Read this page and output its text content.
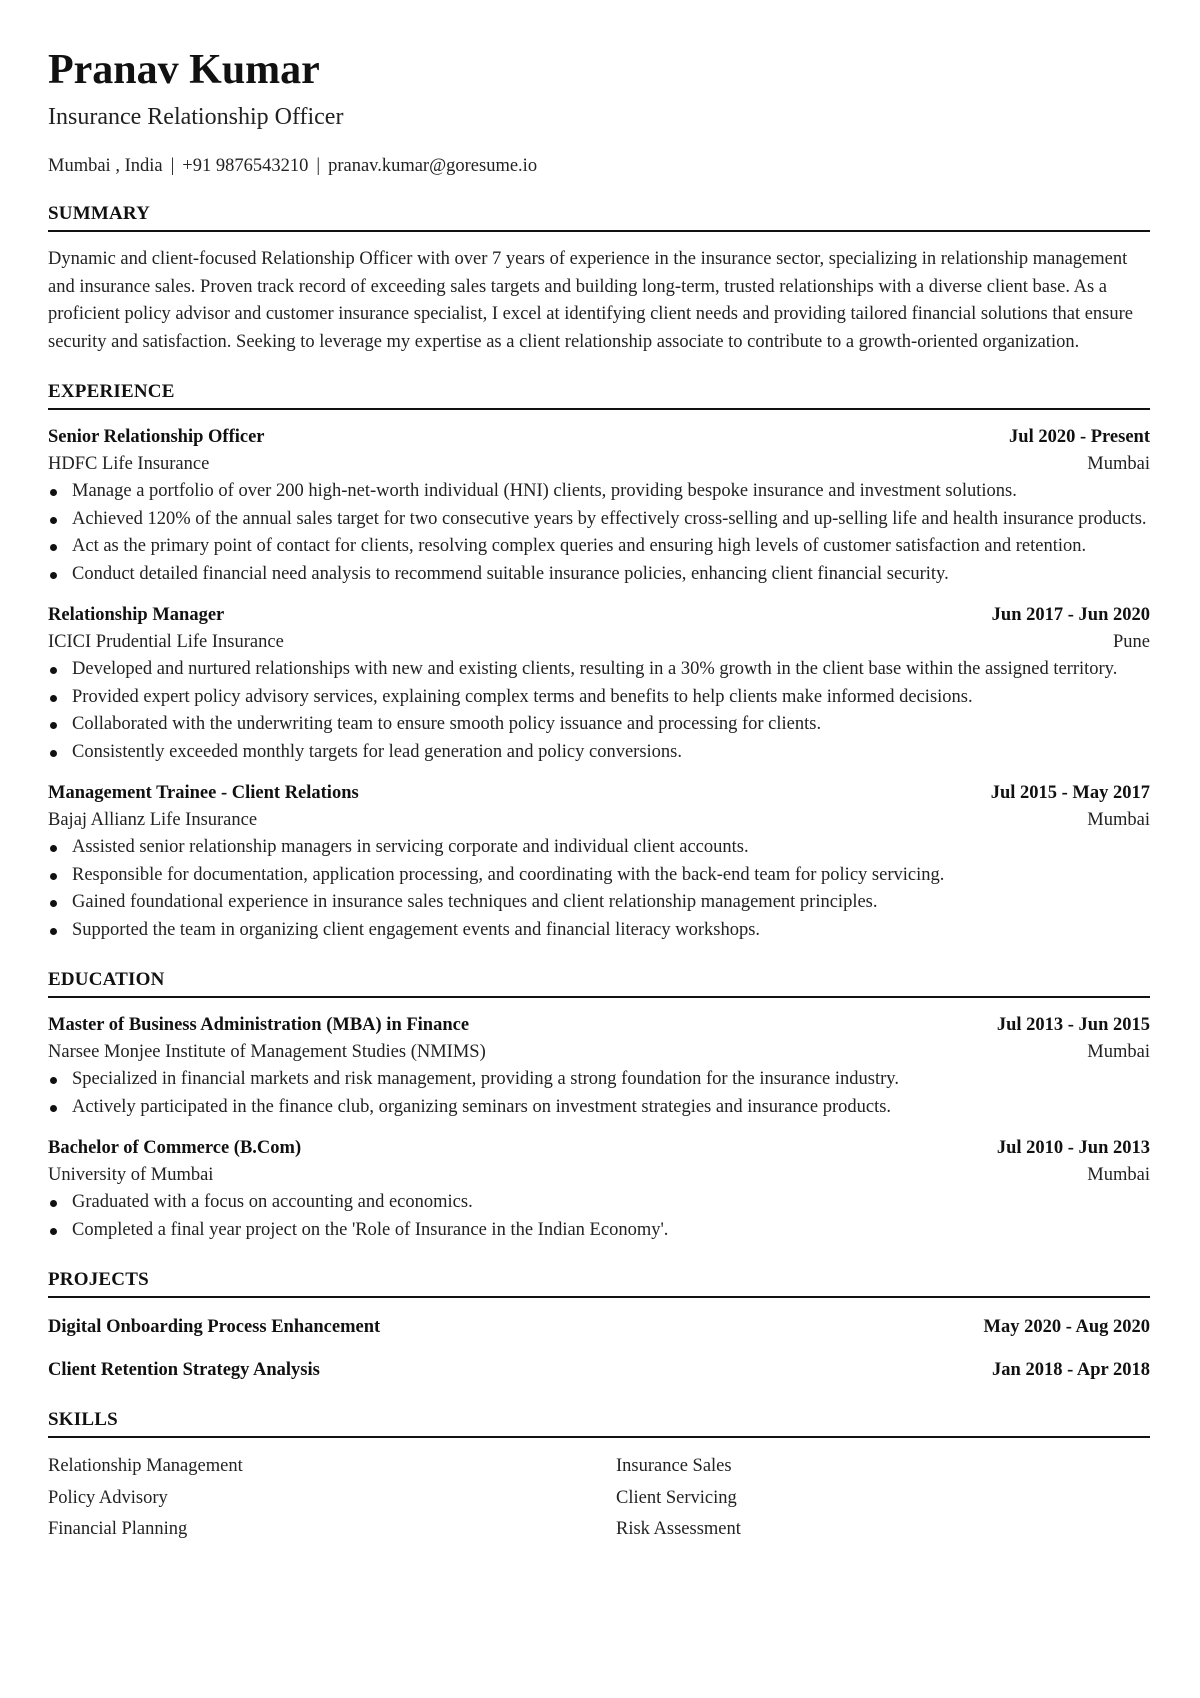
Pranav Kumar
Insurance Relationship Officer
Mumbai , India | +91 9876543210 | pranav.kumar@goresume.io
SUMMARY
Dynamic and client-focused Relationship Officer with over 7 years of experience in the insurance sector, specializing in relationship management and insurance sales. Proven track record of exceeding sales targets and building long-term, trusted relationships with a diverse client base. As a proficient policy advisor and customer insurance specialist, I excel at identifying client needs and providing tailored financial solutions that ensure security and satisfaction. Seeking to leverage my expertise as a client relationship associate to contribute to a growth-oriented organization.
EXPERIENCE
Senior Relationship Officer	Jul 2020 - Present
HDFC Life Insurance	Mumbai
Manage a portfolio of over 200 high-net-worth individual (HNI) clients, providing bespoke insurance and investment solutions.
Achieved 120% of the annual sales target for two consecutive years by effectively cross-selling and up-selling life and health insurance products.
Act as the primary point of contact for clients, resolving complex queries and ensuring high levels of customer satisfaction and retention.
Conduct detailed financial need analysis to recommend suitable insurance policies, enhancing client financial security.
Relationship Manager	Jun 2017 - Jun 2020
ICICI Prudential Life Insurance	Pune
Developed and nurtured relationships with new and existing clients, resulting in a 30% growth in the client base within the assigned territory.
Provided expert policy advisory services, explaining complex terms and benefits to help clients make informed decisions.
Collaborated with the underwriting team to ensure smooth policy issuance and processing for clients.
Consistently exceeded monthly targets for lead generation and policy conversions.
Management Trainee - Client Relations	Jul 2015 - May 2017
Bajaj Allianz Life Insurance	Mumbai
Assisted senior relationship managers in servicing corporate and individual client accounts.
Responsible for documentation, application processing, and coordinating with the back-end team for policy servicing.
Gained foundational experience in insurance sales techniques and client relationship management principles.
Supported the team in organizing client engagement events and financial literacy workshops.
EDUCATION
Master of Business Administration (MBA) in Finance	Jul 2013 - Jun 2015
Narsee Monjee Institute of Management Studies (NMIMS)	Mumbai
Specialized in financial markets and risk management, providing a strong foundation for the insurance industry.
Actively participated in the finance club, organizing seminars on investment strategies and insurance products.
Bachelor of Commerce (B.Com)	Jul 2010 - Jun 2013
University of Mumbai	Mumbai
Graduated with a focus on accounting and economics.
Completed a final year project on the 'Role of Insurance in the Indian Economy'.
PROJECTS
Digital Onboarding Process Enhancement	May 2020 - Aug 2020
Client Retention Strategy Analysis	Jan 2018 - Apr 2018
SKILLS
Relationship Management	Insurance Sales
Policy Advisory	Client Servicing
Financial Planning	Risk Assessment
